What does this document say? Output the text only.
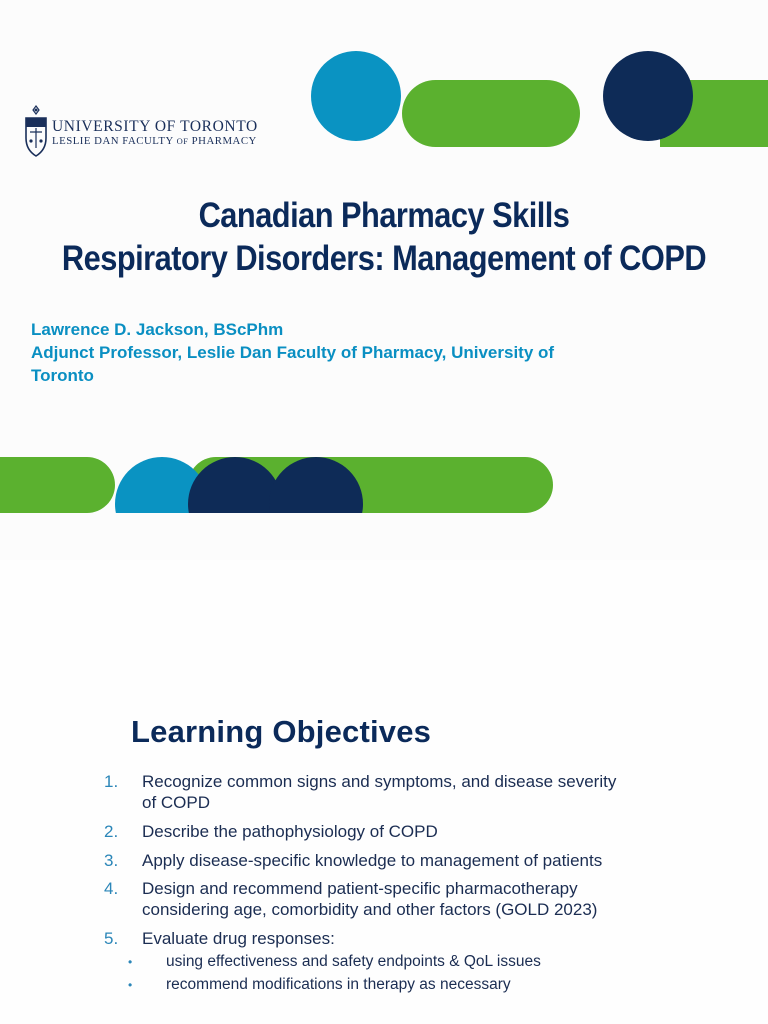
UNIVERSITY OF TORONTO
LESLIE DAN FACULTY OF PHARMACY
Canadian Pharmacy Skills
Respiratory Disorders: Management of COPD
Lawrence D. Jackson, BScPhm
Adjunct Professor, Leslie Dan Faculty of Pharmacy, University of
Toronto
Learning Objectives
1. Recognize common signs and symptoms, and disease severity
of COPD
2. Describe the pathophysiology of COPD
3. Apply disease-specific knowledge to management of patients
4. Design and recommend patient-specific pharmacotherapy
considering age, comorbidity and other factors (GOLD 2023)
5. Evaluate drug responses:
• using effectiveness and safety endpoints & QoL issues
• recommend modifications in therapy as necessary
